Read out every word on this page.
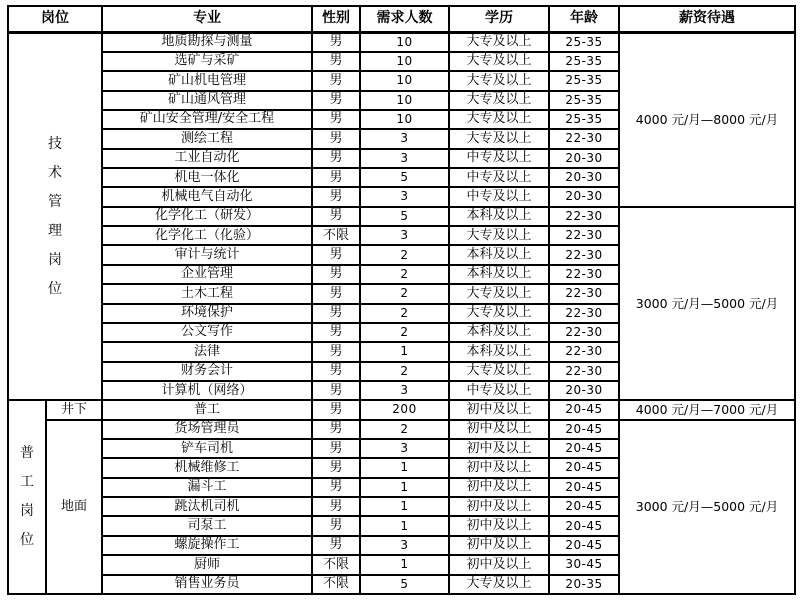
岗位		专业	性别	需求人数	学历	年龄	薪资待遇

技
术
管
理
岗
位
	地质勘探与测量	男	10	大专及以上	25-35	4000 元/月—8000 元/月
		选矿与采矿	男	10	大专及以上	25-35	
		矿山机电管理	男	10	大专及以上	25-35	
		矿山通风管理	男	10	大专及以上	25-35	
		矿山安全管理/安全工程	男	10	大专及以上	25-35	
		测绘工程	男	3	大专及以上	22-30	
		工业自动化	男	3	中专及以上	20-30	
		机电一体化	男	5	中专及以上	20-30	
		机械电气自动化	男	3	中专及以上	20-30	
		化学化工（研发）	男	5	本科及以上	22-30	3000 元/月—5000 元/月
		化学化工（化验）	不限	3	大专及以上	22-30	
		审计与统计	男	2	本科及以上	22-30	
		企业管理	男	2	本科及以上	22-30	
		土木工程	男	2	大专及以上	22-30	
		环境保护	男	2	大专及以上	22-30	
		公文写作	男	2	本科及以上	22-30	
		法律	男	1	本科及以上	22-30	
		财务会计	男	2	大专及以上	22-30	
		计算机（网络）	男	3	中专及以上	20-30	

普
工
岗
位	井下	普工	男	200	初中及以上	20-45	4000 元/月—7000 元/月
	地面	货场管理员	男	2	初中及以上	20-45	3000 元/月—5000 元/月
		铲车司机	男	3	初中及以上	20-45	
		机械维修工	男	1	初中及以上	20-45	
		漏斗工	男	1	初中及以上	20-45	
		跳汰机司机	男	1	初中及以上	20-45	
		司泵工	男	1	初中及以上	20-45	
		螺旋操作工	男	3	初中及以上	20-45	
		厨师	不限	1	初中及以上	30-45	
		销售业务员	不限	5	大专及以上	20-35	
